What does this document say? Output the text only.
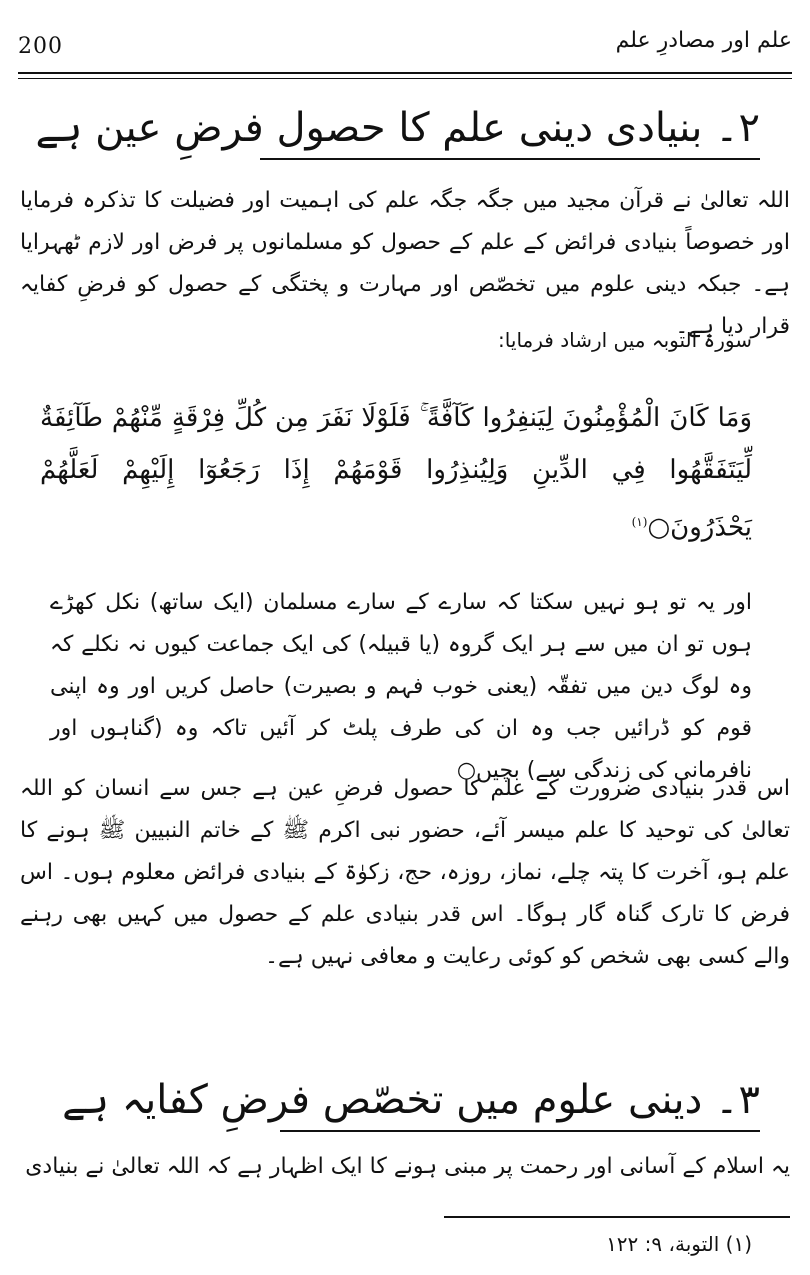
علم اور مصادرِ علم
200
۲۔ بنیادی دینی علم کا حصول فرضِ عین ہے
اللہ تعالیٰ نے قرآن مجید میں جگہ جگہ علم کی اہمیت اور فضیلت کا تذکرہ فرمایا اور خصوصاً بنیادی فرائض کے علم کے حصول کو مسلمانوں پر فرض اور لازم ٹھہرایا ہے۔ جبکہ دینی علوم میں تخصّص اور مہارت و پختگی کے حصول کو فرضِ کفایہ قرار دیا ہے۔
سورۃ التوبہ میں ارشاد فرمایا:
وَمَا كَانَ الْمُؤْمِنُونَ لِيَنفِرُوا كَآفَّةً ۚ فَلَوْلَا نَفَرَ مِن كُلِّ فِرْقَةٍ مِّنْهُمْ طَآئِفَةٌ لِّيَتَفَقَّهُوا فِي الدِّينِ وَلِيُنذِرُوا قَوْمَهُمْ إِذَا رَجَعُوٓا إِلَيْهِمْ لَعَلَّهُمْ يَحْذَرُونَ○$^{(١)}$
اور یہ تو ہو نہیں سکتا کہ سارے کے سارے مسلمان (ایک ساتھ) نکل کھڑے ہوں تو ان میں سے ہر ایک گروہ (یا قبیلہ) کی ایک جماعت کیوں نہ نکلے کہ وہ لوگ دین میں تفقّہ (یعنی خوب فہم و بصیرت) حاصل کریں اور وہ اپنی قوم کو ڈرائیں جب وہ ان کی طرف پلٹ کر آئیں تاکہ وہ (گناہوں اور نافرمانی کی زندگی سے) بچیں○
اس قدر بنیادی ضرورت کے علم کا حصول فرضِ عین ہے جس سے انسان کو اللہ تعالیٰ کی توحید کا علم میسر آئے، حضور نبی اکرم ﷺ کے خاتم النبیین ﷺ ہونے کا علم ہو، آخرت کا پتہ چلے، نماز، روزہ، حج، زکوٰۃ کے بنیادی فرائض معلوم ہوں۔ اس فرض کا تارک گناہ گار ہوگا۔ اس قدر بنیادی علم کے حصول میں کہیں بھی رہنے والے کسی بھی شخص کو کوئی رعایت و معافی نہیں ہے۔
۳۔ دینی علوم میں تخصّص فرضِ کفایہ ہے
یہ اسلام کے آسانی اور رحمت پر مبنی ہونے کا ایک اظہار ہے کہ اللہ تعالیٰ نے بنیادی
(١) التوبة، ٩: ١٢٢
